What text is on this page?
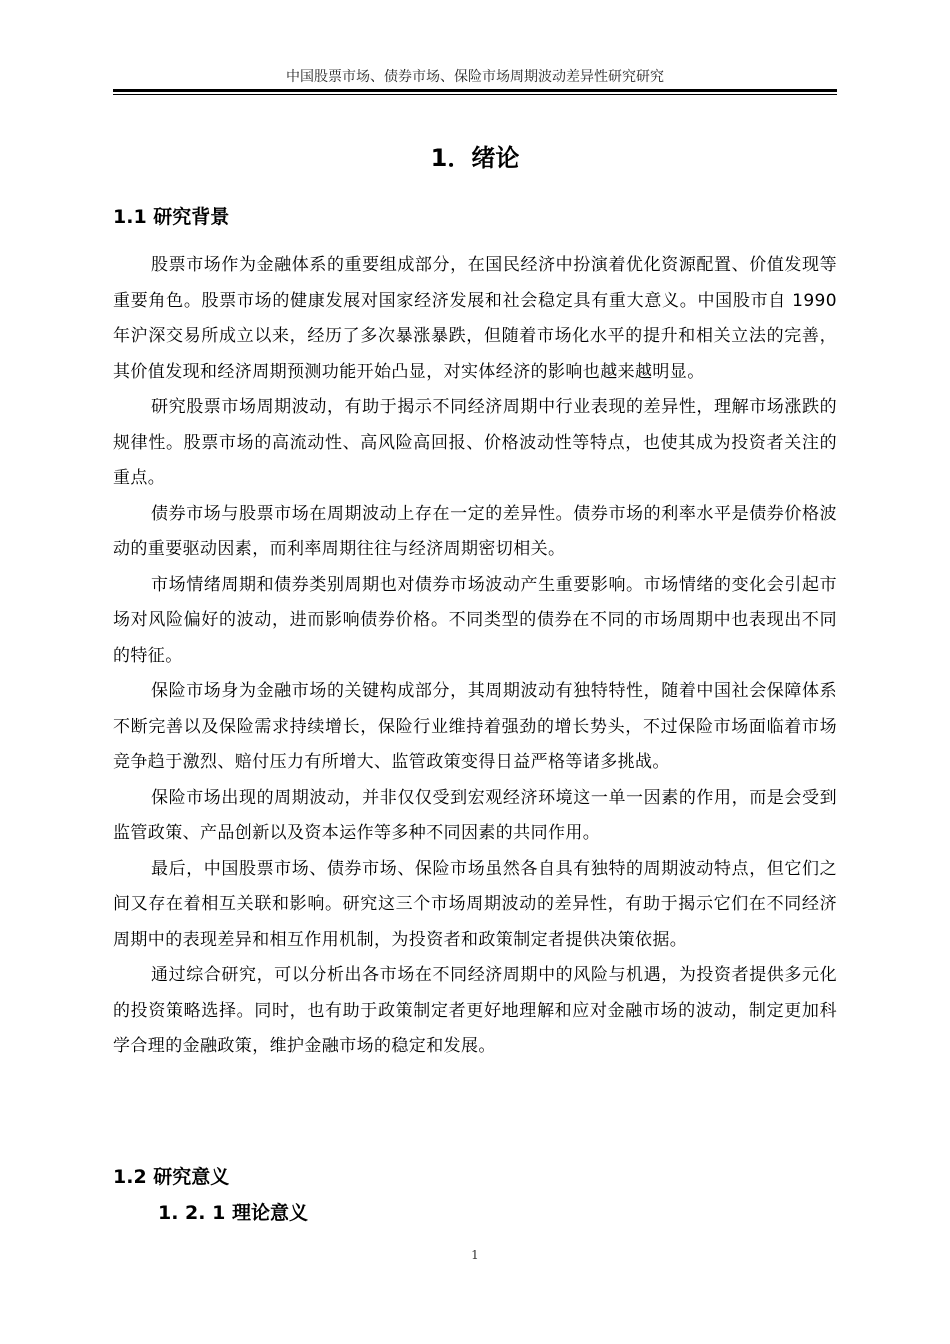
中国股票市场、债券市场、保险市场周期波动差异性研究研究
1．绪论
1.1 研究背景

股票市场作为金融体系的重要组成部分，在国民经济中扮演着优化资源配置、价值发现等重要角色。股票市场的健康发展对国家经济发展和社会稳定具有重大意义。中国股市自 1990 年沪深交易所成立以来，经历了多次暴涨暴跌，但随着市场化水平的提升和相关立法的完善，其价值发现和经济周期预测功能开始凸显，对实体经济的影响也越来越明显。

研究股票市场周期波动，有助于揭示不同经济周期中行业表现的差异性，理解市场涨跌的规律性。股票市场的高流动性、高风险高回报、价格波动性等特点，也使其成为投资者关注的重点。

债券市场与股票市场在周期波动上存在一定的差异性。债券市场的利率水平是债券价格波动的重要驱动因素，而利率周期往往与经济周期密切相关。

市场情绪周期和债券类别周期也对债券市场波动产生重要影响。市场情绪的变化会引起市场对风险偏好的波动，进而影响债券价格。不同类型的债券在不同的市场周期中也表现出不同的特征。

保险市场身为金融市场的关键构成部分，其周期波动有独特特性，随着中国社会保障体系不断完善以及保险需求持续增长，保险行业维持着强劲的增长势头，不过保险市场面临着市场竞争趋于激烈、赔付压力有所增大、监管政策变得日益严格等诸多挑战。

保险市场出现的周期波动，并非仅仅受到宏观经济环境这一单一因素的作用，而是会受到监管政策、产品创新以及资本运作等多种不同因素的共同作用。

最后，中国股票市场、债券市场、保险市场虽然各自具有独特的周期波动特点，但它们之间又存在着相互关联和影响。研究这三个市场周期波动的差异性，有助于揭示它们在不同经济周期中的表现差异和相互作用机制，为投资者和政策制定者提供决策依据。

通过综合研究，可以分析出各市场在不同经济周期中的风险与机遇，为投资者提供多元化的投资策略选择。同时，也有助于政策制定者更好地理解和应对金融市场的波动，制定更加科学合理的金融政策，维护金融市场的稳定和发展。

1.2 研究意义
1. 2. 1 理论意义
1
